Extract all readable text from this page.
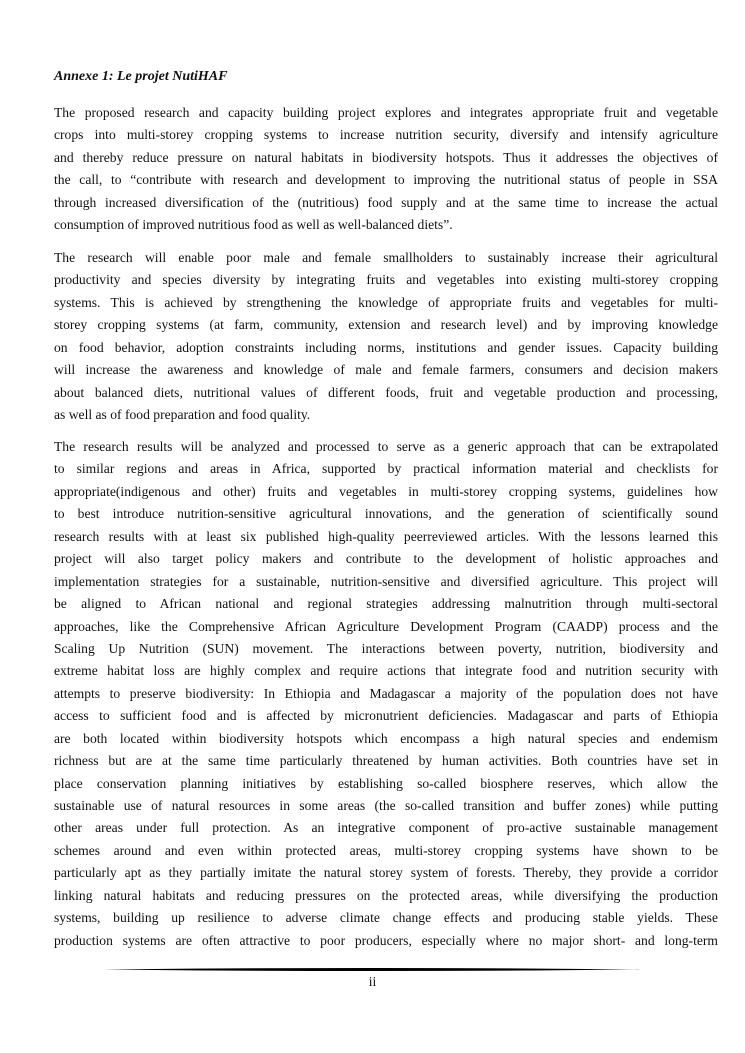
Annexe 1: Le projet NutiHAF
The proposed research and capacity building project explores and integrates appropriate fruit and vegetable
crops into multi-storey cropping systems to increase nutrition security, diversify and intensify agriculture
and thereby reduce pressure on natural habitats in biodiversity hotspots. Thus it addresses the objectives of
the call, to “contribute with research and development to improving the nutritional status of people in SSA
through increased diversification of the (nutritious) food supply and at the same time to increase the actual
consumption of improved nutritious food as well as well-balanced diets”.
The research will enable poor male and female smallholders to sustainably increase their agricultural
productivity and species diversity by integrating fruits and vegetables into existing multi-storey cropping
systems. This is achieved by strengthening the knowledge of appropriate fruits and vegetables for multi-
storey cropping systems (at farm, community, extension and research level) and by improving knowledge
on food behavior, adoption constraints including norms, institutions and gender issues. Capacity building
will increase the awareness and knowledge of male and female farmers, consumers and decision makers
about balanced diets, nutritional values of different foods, fruit and vegetable production and processing,
as well as of food preparation and food quality.
The research results will be analyzed and processed to serve as a generic approach that can be extrapolated
to similar regions and areas in Africa, supported by practical information material and checklists for
appropriate(indigenous and other) fruits and vegetables in multi-storey cropping systems, guidelines how
to best introduce nutrition-sensitive agricultural innovations, and the generation of scientifically sound
research results with at least six published high-quality peerreviewed articles. With the lessons learned this
project will also target policy makers and contribute to the development of holistic approaches and
implementation strategies for a sustainable, nutrition-sensitive and diversified agriculture. This project will
be aligned to African national and regional strategies addressing malnutrition through multi-sectoral
approaches, like the Comprehensive African Agriculture Development Program (CAADP) process and the
Scaling Up Nutrition (SUN) movement. The interactions between poverty, nutrition, biodiversity and
extreme habitat loss are highly complex and require actions that integrate food and nutrition security with
attempts to preserve biodiversity: In Ethiopia and Madagascar a majority of the population does not have
access to sufficient food and is affected by micronutrient deficiencies. Madagascar and parts of Ethiopia
are both located within biodiversity hotspots which encompass a high natural species and endemism
richness but are at the same time particularly threatened by human activities. Both countries have set in
place conservation planning initiatives by establishing so-called biosphere reserves, which allow the
sustainable use of natural resources in some areas (the so-called transition and buffer zones) while putting
other areas under full protection. As an integrative component of pro-active sustainable management
schemes around and even within protected areas, multi-storey cropping systems have shown to be
particularly apt as they partially imitate the natural storey system of forests. Thereby, they provide a corridor
linking natural habitats and reducing pressures on the protected areas, while diversifying the production
systems, building up resilience to adverse climate change effects and producing stable yields. These
production systems are often attractive to poor producers, especially where no major short- and long-term
ii
